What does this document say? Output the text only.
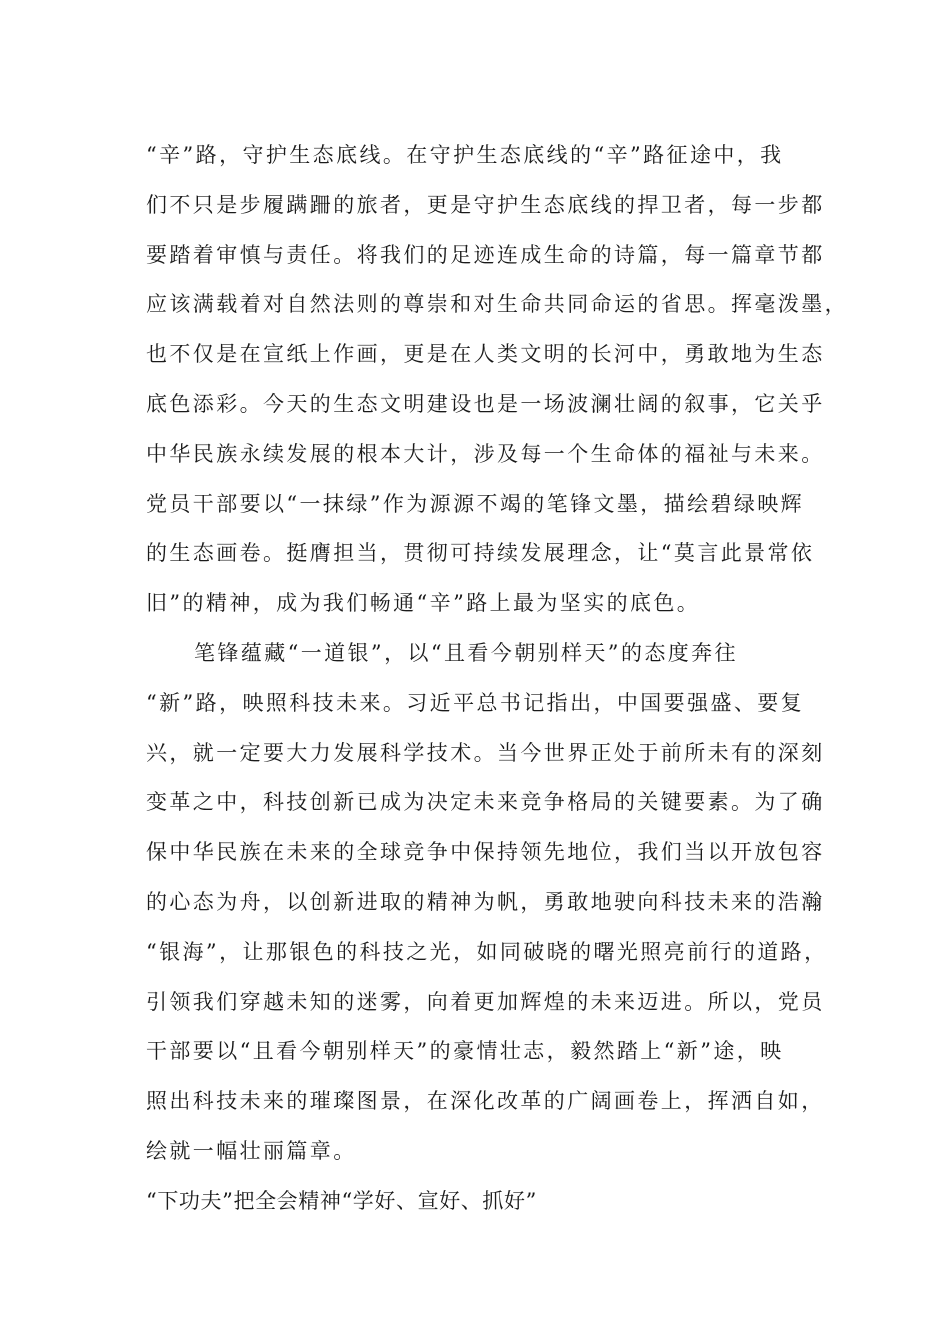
“辛”路，守护生态底线。在守护生态底线的“辛”路征途中，我
们不只是步履蹒跚的旅者，更是守护生态底线的捍卫者，每一步都
要踏着审慎与责任。将我们的足迹连成生命的诗篇，每一篇章节都
应该满载着对自然法则的尊崇和对生命共同命运的省思。挥毫泼墨，
也不仅是在宣纸上作画，更是在人类文明的长河中，勇敢地为生态
底色添彩。今天的生态文明建设也是一场波澜壮阔的叙事，它关乎
中华民族永续发展的根本大计，涉及每一个生命体的福祉与未来。
党员干部要以“一抹绿”作为源源不竭的笔锋文墨，描绘碧绿映辉
的生态画卷。挺膺担当，贯彻可持续发展理念，让“莫言此景常依
旧”的精神，成为我们畅通“辛”路上最为坚实的底色。
笔锋蕴藏“一道银”，以“且看今朝别样天”的态度奔往
“新”路，映照科技未来。习近平总书记指出，中国要强盛、要复
兴，就一定要大力发展科学技术。当今世界正处于前所未有的深刻
变革之中，科技创新已成为决定未来竞争格局的关键要素。为了确
保中华民族在未来的全球竞争中保持领先地位，我们当以开放包容
的心态为舟，以创新进取的精神为帆，勇敢地驶向科技未来的浩瀚
“银海”，让那银色的科技之光，如同破晓的曙光照亮前行的道路，
引领我们穿越未知的迷雾，向着更加辉煌的未来迈进。所以，党员
干部要以“且看今朝别样天”的豪情壮志，毅然踏上“新”途，映
照出科技未来的璀璨图景，在深化改革的广阔画卷上，挥洒自如，
绘就一幅壮丽篇章。
“下功夫”把全会精神“学好、宣好、抓好”
